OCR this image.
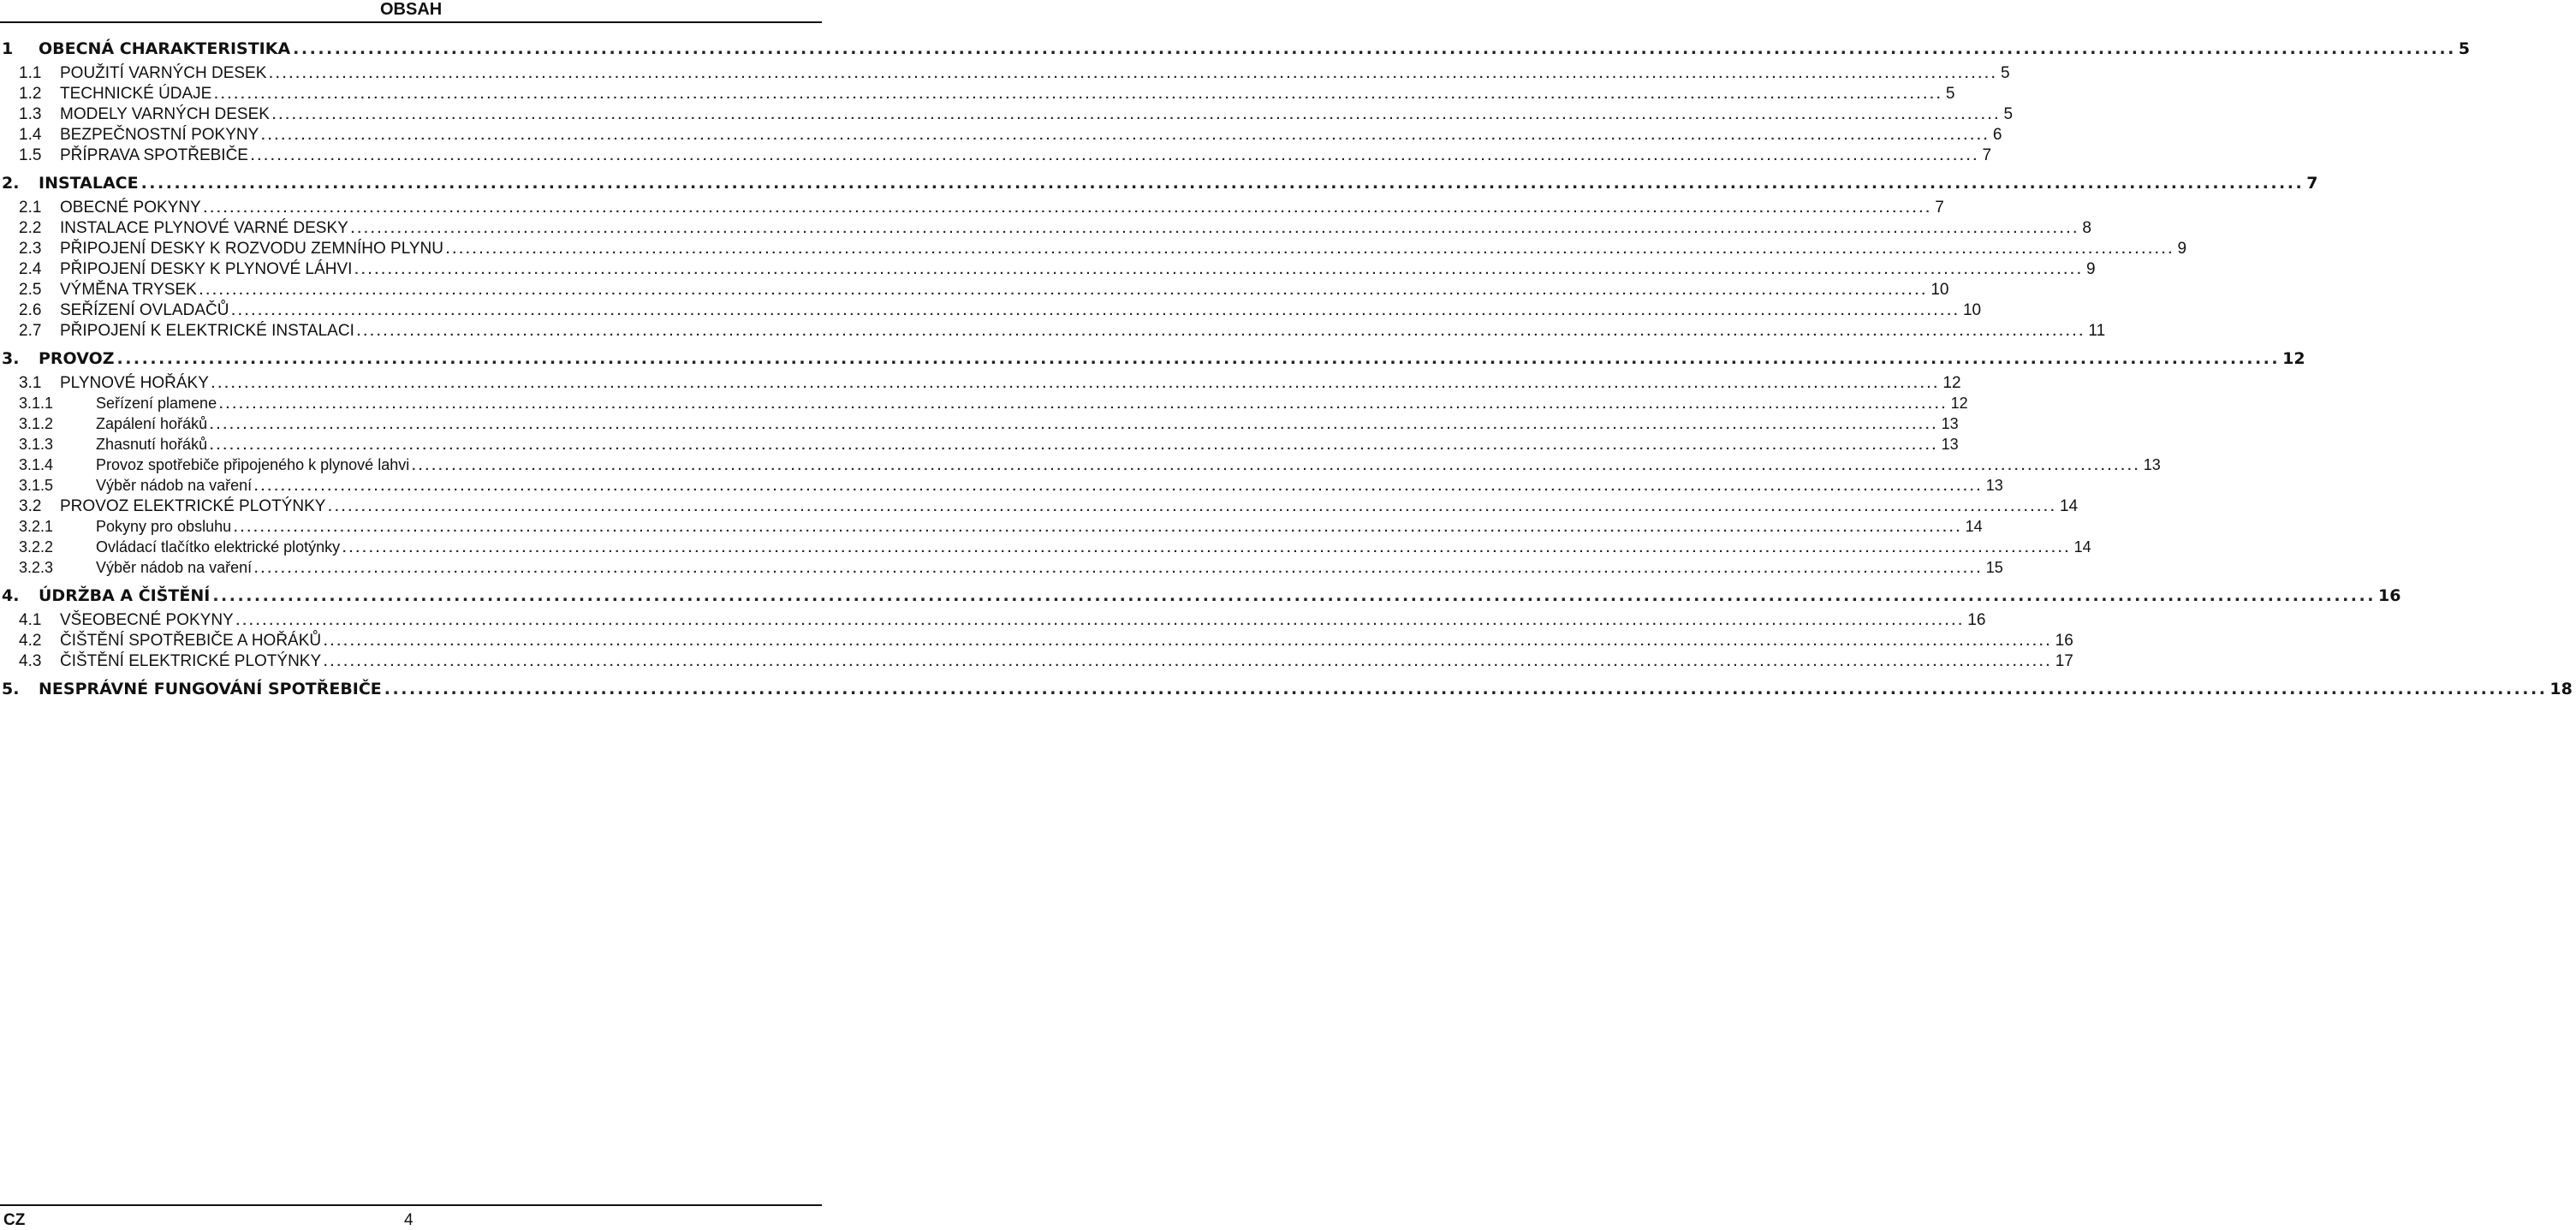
OBSAH
1	OBECNÁ CHARAKTERISTIKA .................................................................................................................................................................................................................................................................... 5
1.1	POUŽITÍ VARNÝCH DESEK .................................................................................................................................................................................................................................................................... 5
1.2	TECHNICKÉ ÚDAJE .................................................................................................................................................................................................................................................................... 5
1.3	MODELY VARNÝCH DESEK .................................................................................................................................................................................................................................................................... 5
1.4	BEZPEČNOSTNÍ POKYNY .................................................................................................................................................................................................................................................................... 6
1.5	PŘÍPRAVA SPOTŘEBIČE .................................................................................................................................................................................................................................................................... 7
2.	INSTALACE .................................................................................................................................................................................................................................................................... 7
2.1	OBECNÉ POKYNY .................................................................................................................................................................................................................................................................... 7
2.2	INSTALACE PLYNOVÉ VARNÉ DESKY .................................................................................................................................................................................................................................................................... 8
2.3	PŘIPOJENÍ DESKY K ROZVODU ZEMNÍHO PLYNU .................................................................................................................................................................................................................................................................... 9
2.4	PŘIPOJENÍ DESKY K PLYNOVÉ LÁHVI .................................................................................................................................................................................................................................................................... 9
2.5	VÝMĚNA TRYSEK .................................................................................................................................................................................................................................................................... 10
2.6	SEŘÍZENÍ OVLADAČŮ .................................................................................................................................................................................................................................................................... 10
2.7	PŘIPOJENÍ K ELEKTRICKÉ INSTALACI .................................................................................................................................................................................................................................................................... 11
3.	PROVOZ .................................................................................................................................................................................................................................................................... 12
3.1	PLYNOVÉ HOŘÁKY .................................................................................................................................................................................................................................................................... 12
3.1.1	Seřízení plamene .................................................................................................................................................................................................................................................................... 12
3.1.2	Zapálení hořáků .................................................................................................................................................................................................................................................................... 13
3.1.3	Zhasnutí hořáků .................................................................................................................................................................................................................................................................... 13
3.1.4	Provoz spotřebiče připojeného k plynové lahvi .................................................................................................................................................................................................................................................................... 13
3.1.5	Výběr nádob na vaření .................................................................................................................................................................................................................................................................... 13
3.2	PROVOZ ELEKTRICKÉ PLOTÝNKY .................................................................................................................................................................................................................................................................... 14
3.2.1	Pokyny pro obsluhu .................................................................................................................................................................................................................................................................... 14
3.2.2	Ovládací tlačítko elektrické plotýnky .................................................................................................................................................................................................................................................................... 14
3.2.3	Výběr nádob na vaření .................................................................................................................................................................................................................................................................... 15
4.	ÚDRŽBA A ČIŠTĚNÍ .................................................................................................................................................................................................................................................................... 16
4.1	VŠEOBECNÉ POKYNY .................................................................................................................................................................................................................................................................... 16
4.2	ČIŠTĚNÍ SPOTŘEBIČE A HOŘÁKŮ .................................................................................................................................................................................................................................................................... 16
4.3	ČIŠTĚNÍ ELEKTRICKÉ PLOTÝNKY .................................................................................................................................................................................................................................................................... 17
5.	NESPRÁVNÉ FUNGOVÁNÍ SPOTŘEBIČE .................................................................................................................................................................................................................................................................... 18
CZ	4
